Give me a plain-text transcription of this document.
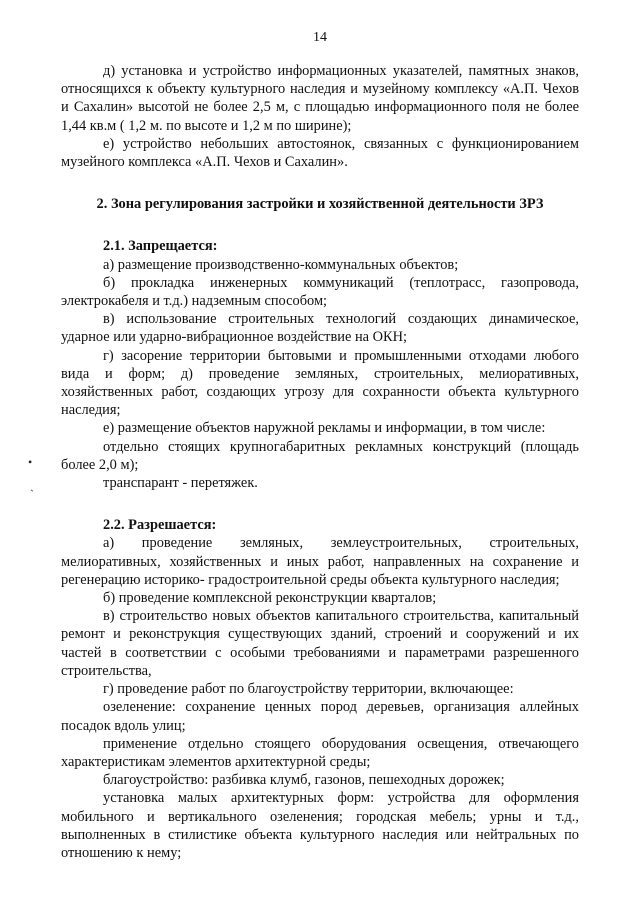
14
•
`

д) установка и устройство информационных указателей, памятных знаков, относящихся к объекту культурного наследия и музейному комплексу «А.П. Чехов и Сахалин» высотой не более 2,5 м, с площадью информационного поля не более 1,44 кв.м ( 1,2 м. по высоте и 1,2 м по ширине);

е) устройство небольших автостоянок, связанных с функционированием музейного комплекса «А.П. Чехов и Сахалин».

2. Зона регулирования застройки и хозяйственной деятельности ЗРЗ

2.1. Запрещается:

а) размещение производственно-коммунальных объектов;

б) прокладка инженерных коммуникаций (теплотрасс, газопровода, электрокабеля и т.д.) надземным способом;

в) использование строительных технологий создающих динамическое, ударное или ударно-вибрационное воздействие на ОКН;

г) засорение территории бытовыми и промышленными отходами любого вида и форм; д) проведение земляных, строительных, мелиоративных, хозяйственных работ, создающих угрозу для сохранности объекта культурного наследия;

е) размещение объектов наружной рекламы и информации, в том числе:

отдельно стоящих крупногабаритных рекламных конструкций (площадь более 2,0 м);

транспарант - перетяжек.

2.2. Разрешается:

а) проведение земляных, землеустроительных, строительных, мелиоративных, хозяйственных и иных работ, направленных на сохранение и регенерацию историко- градостроительной среды объекта культурного наследия;

б) проведение комплексной реконструкции кварталов;

в) строительство новых объектов капитального строительства, капитальный ремонт и реконструкция существующих зданий, строений и сооружений и их частей в соответствии с особыми требованиями и параметрами разрешенного строительства,

г) проведение работ по благоустройству территории, включающее:

озеленение: сохранение ценных пород деревьев, организация аллейных посадок вдоль улиц;

применение отдельно стоящего оборудования освещения, отвечающего характеристикам элементов архитектурной среды;

благоустройство: разбивка клумб, газонов, пешеходных дорожек;

установка малых архитектурных форм: устройства для оформления мобильного и вертикального озеленения; городская мебель; урны и т.д., выполненных в стилистике объекта культурного наследия или нейтральных по отношению к нему;
